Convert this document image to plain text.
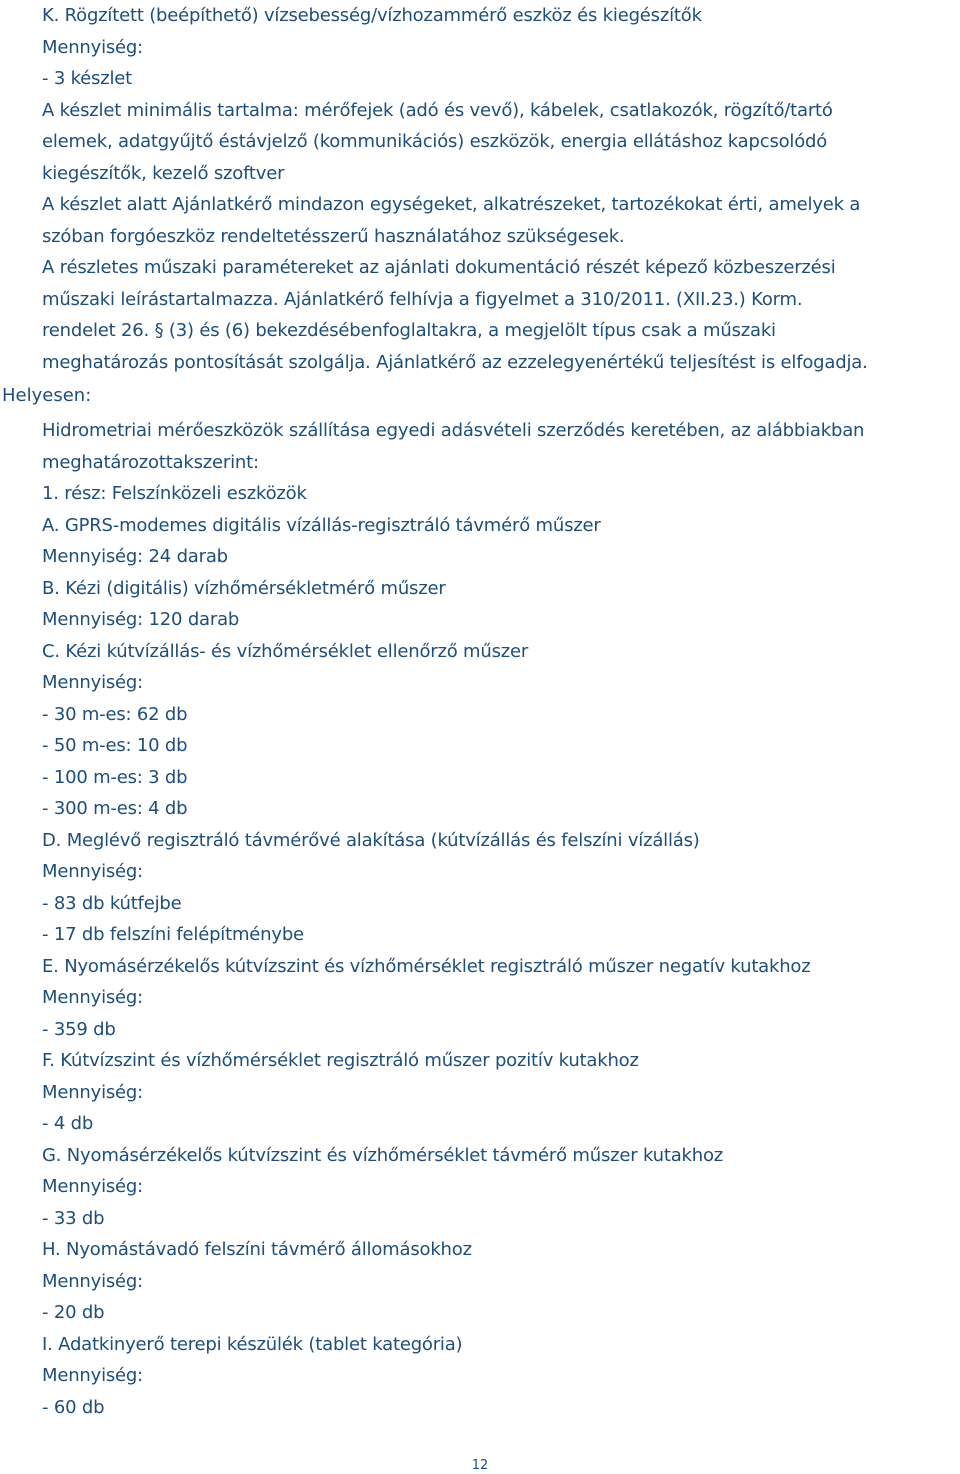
K. Rögzített (beépíthető) vízsebesség/vízhozammérő eszköz és kiegészítők
Mennyiség:
- 3 készlet
A készlet minimális tartalma: mérőfejek (adó és vevő), kábelek, csatlakozók, rögzítő/tartó
elemek, adatgyűjtő éstávjelző (kommunikációs) eszközök, energia ellátáshoz kapcsolódó
kiegészítők, kezelő szoftver
A készlet alatt Ajánlatkérő mindazon egységeket, alkatrészeket, tartozékokat érti, amelyek a
szóban forgóeszköz rendeltetésszerű használatához szükségesek.
A részletes műszaki paramétereket az ajánlati dokumentáció részét képező közbeszerzési
műszaki leírástartalmazza. Ajánlatkérő felhívja a figyelmet a 310/2011. (XII.23.) Korm.
rendelet 26. § (3) és (6) bekezdésébenfoglaltakra, a megjelölt típus csak a műszaki
meghatározás pontosítását szolgálja. Ajánlatkérő az ezzelegyenértékű teljesítést is elfogadja.
Helyesen:
Hidrometriai mérőeszközök szállítása egyedi adásvételi szerződés keretében, az alábbiakban
meghatározottakszerint:
1. rész: Felszínközeli eszközök
A. GPRS-modemes digitális vízállás-regisztráló távmérő műszer
Mennyiség: 24 darab
B. Kézi (digitális) vízhőmérsékletmérő műszer
Mennyiség: 120 darab
C. Kézi kútvízállás- és vízhőmérséklet ellenőrző műszer
Mennyiség:
- 30 m-es: 62 db
- 50 m-es: 10 db
- 100 m-es: 3 db
- 300 m-es: 4 db
D. Meglévő regisztráló távmérővé alakítása (kútvízállás és felszíni vízállás)
Mennyiség:
- 83 db kútfejbe
- 17 db felszíni felépítménybe
E. Nyomásérzékelős kútvízszint és vízhőmérséklet regisztráló műszer negatív kutakhoz
Mennyiség:
- 359 db
F. Kútvízszint és vízhőmérséklet regisztráló műszer pozitív kutakhoz
Mennyiség:
- 4 db
G. Nyomásérzékelős kútvízszint és vízhőmérséklet távmérő műszer kutakhoz
Mennyiség:
- 33 db
H. Nyomástávadó felszíni távmérő állomásokhoz
Mennyiség:
- 20 db
I. Adatkinyerő terepi készülék (tablet kategória)
Mennyiség:
- 60 db
12
